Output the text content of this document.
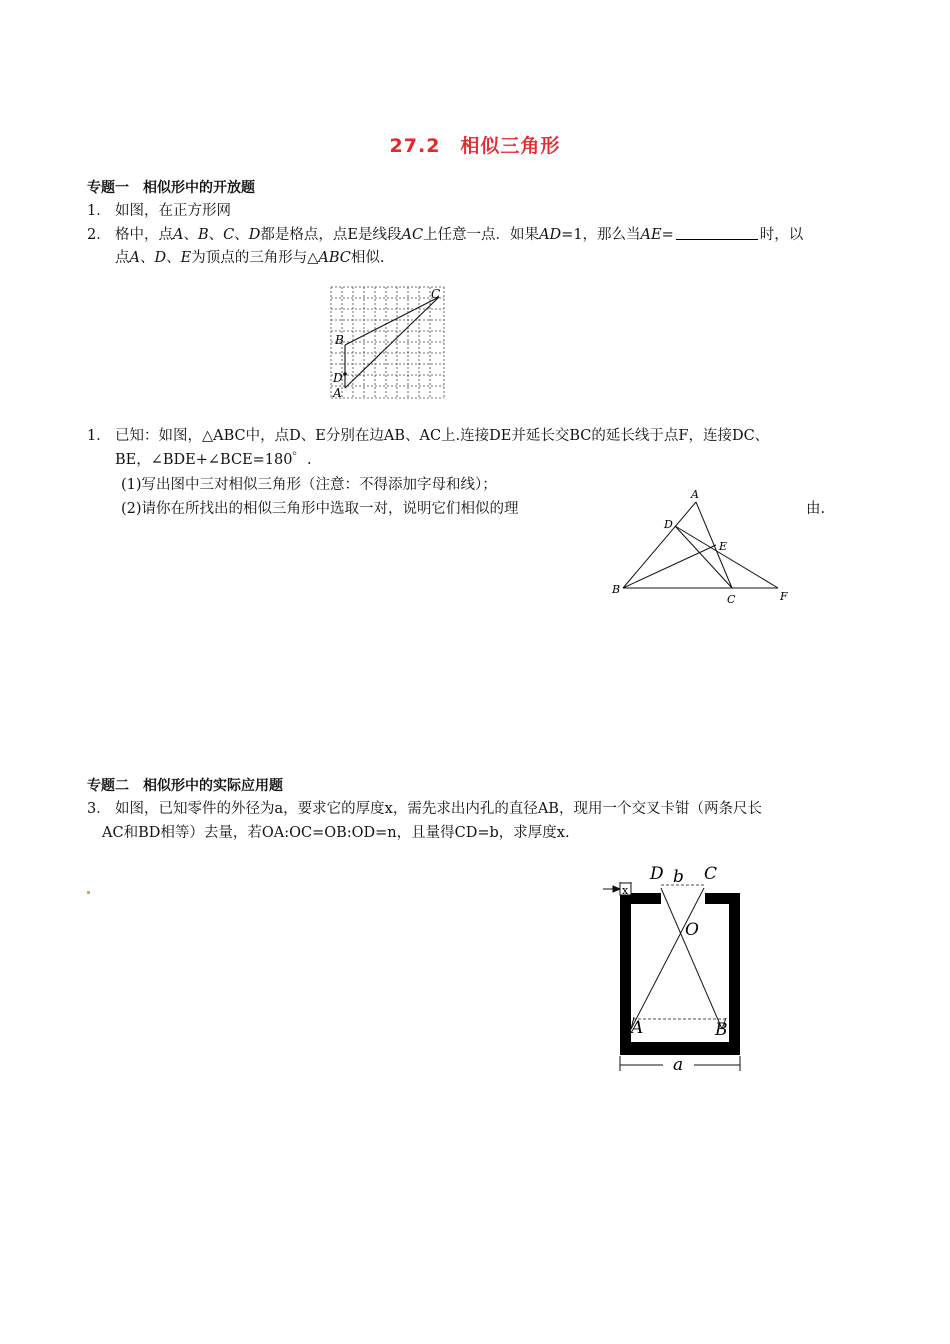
27.2　相似三角形
专题一　相似形中的开放题
1． 如图，在正方形网
2． 格中，点A、B、C、D都是格点，点E是线段AC上任意一点．如果AD=1，那么当AE=	时，以
点A、D、E为顶点的三角形与△ABC相似.
C
B
D
A
1． 已知：如图，△ABC中，点D、E分别在边AB、AC上.连接DE并延长交BC的延长线于点F，连接DC、
BE，∠BDE+∠BCE=180゜.
(1)写出图中三对相似三角形（注意：不得添加字母和线）；
(2)请你在所找出的相似三角形中选取一对，说明它们相似的理	由.
A
D
E
B
C	F
专题二　相似形中的实际应用题
3． 如图，已知零件的外径为a，要求它的厚度x，需先求出内孔的直径AB，现用一个交叉卡钳（两条尺长
AC和BD相等）去量，若OA:OC=OB:OD=n，且量得CD=b，求厚度x.
D b C
x
O
A	B
a
